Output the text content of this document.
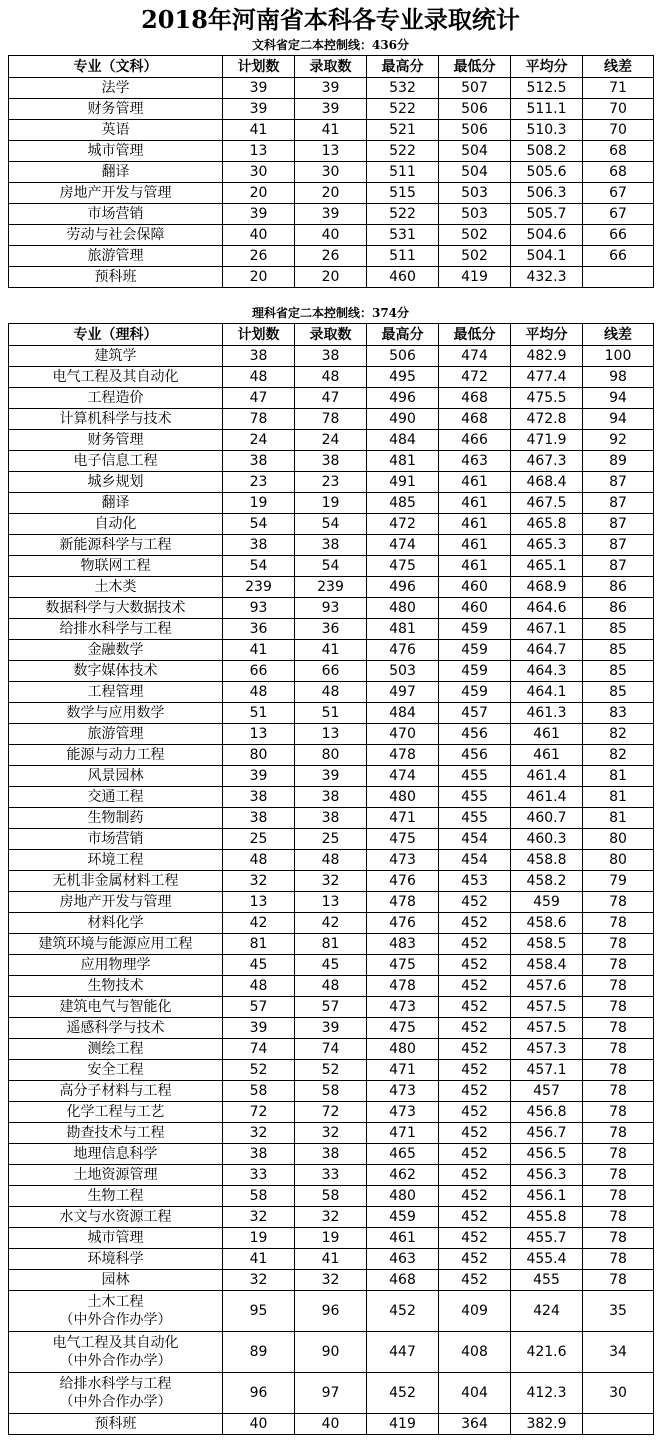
2018年河南省本科各专业录取统计
文科省定二本控制线：436分
专业（文科）	计划数	录取数	最高分	最低分	平均分	线差
法学	39	39	532	507	512.5	71
财务管理	39	39	522	506	511.1	70
英语	41	41	521	506	510.3	70
城市管理	13	13	522	504	508.2	68
翻译	30	30	511	504	505.6	68
房地产开发与管理	20	20	515	503	506.3	67
市场营销	39	39	522	503	505.7	67
劳动与社会保障	40	40	531	502	504.6	66
旅游管理	26	26	511	502	504.1	66
预科班	20	20	460	419	432.3	
理科省定二本控制线：374分
专业（理科）	计划数	录取数	最高分	最低分	平均分	线差
建筑学	38	38	506	474	482.9	100
电气工程及其自动化	48	48	495	472	477.4	98
工程造价	47	47	496	468	475.5	94
计算机科学与技术	78	78	490	468	472.8	94
财务管理	24	24	484	466	471.9	92
电子信息工程	38	38	481	463	467.3	89
城乡规划	23	23	491	461	468.4	87
翻译	19	19	485	461	467.5	87
自动化	54	54	472	461	465.8	87
新能源科学与工程	38	38	474	461	465.3	87
物联网工程	54	54	475	461	465.1	87
土木类	239	239	496	460	468.9	86
数据科学与大数据技术	93	93	480	460	464.6	86
给排水科学与工程	36	36	481	459	467.1	85
金融数学	41	41	476	459	464.7	85
数字媒体技术	66	66	503	459	464.3	85
工程管理	48	48	497	459	464.1	85
数学与应用数学	51	51	484	457	461.3	83
旅游管理	13	13	470	456	461	82
能源与动力工程	80	80	478	456	461	82
风景园林	39	39	474	455	461.4	81
交通工程	38	38	480	455	461.4	81
生物制药	38	38	471	455	460.7	81
市场营销	25	25	475	454	460.3	80
环境工程	48	48	473	454	458.8	80
无机非金属材料工程	32	32	476	453	458.2	79
房地产开发与管理	13	13	478	452	459	78
材料化学	42	42	476	452	458.6	78
建筑环境与能源应用工程	81	81	483	452	458.5	78
应用物理学	45	45	475	452	458.4	78
生物技术	48	48	478	452	457.6	78
建筑电气与智能化	57	57	473	452	457.5	78
遥感科学与技术	39	39	475	452	457.5	78
测绘工程	74	74	480	452	457.3	78
安全工程	52	52	471	452	457.1	78
高分子材料与工程	58	58	473	452	457	78
化学工程与工艺	72	72	473	452	456.8	78
勘查技术与工程	32	32	471	452	456.7	78
地理信息科学	38	38	465	452	456.5	78
土地资源管理	33	33	462	452	456.3	78
生物工程	58	58	480	452	456.1	78
水文与水资源工程	32	32	459	452	455.8	78
城市管理	19	19	461	452	455.7	78
环境科学	41	41	463	452	455.4	78
园林	32	32	468	452	455	78
土木工程
（中外合作办学）	95	96	452	409	424	35
电气工程及其自动化
（中外合作办学）	89	90	447	408	421.6	34
给排水科学与工程
（中外合作办学）	96	97	452	404	412.3	30
预科班	40	40	419	364	382.9	
